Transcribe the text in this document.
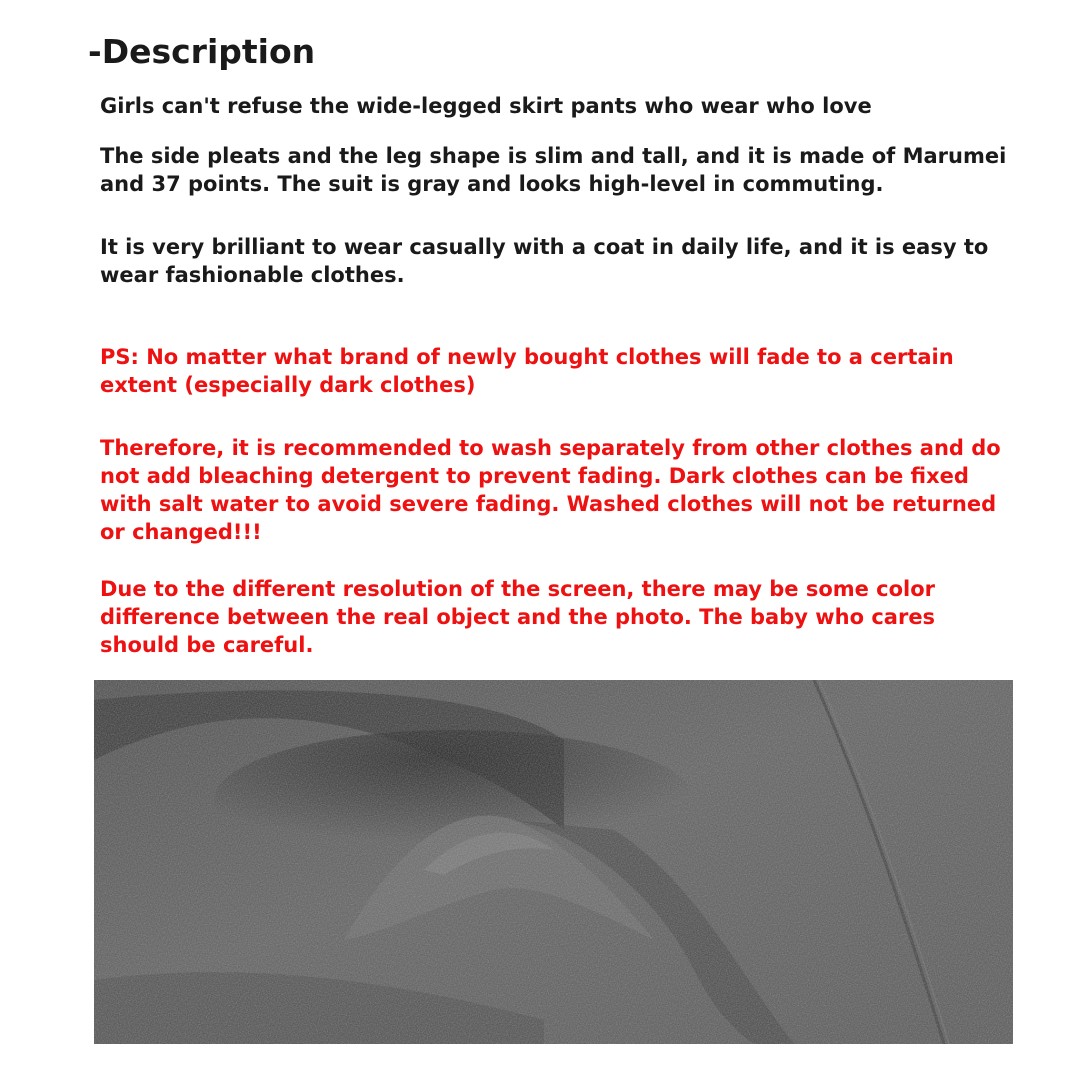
-Description

Girls can't refuse the wide-legged skirt pants who wear who love

The side pleats and the leg shape is slim and tall, and it is made of Marumei and 37 points. The suit is gray and looks high-level in commuting.

It is very brilliant to wear casually with a coat in daily life, and it is easy to wear fashionable clothes.

PS: No matter what brand of newly bought clothes will fade to a certain extent (especially dark clothes)

Therefore, it is recommended to wash separately from other clothes and do not add bleaching detergent to prevent fading. Dark clothes can be fixed with salt water to avoid severe fading. Washed clothes will not be returned or changed!!!

Due to the different resolution of the screen, there may be some color difference between the real object and the photo. The baby who cares should be careful.
